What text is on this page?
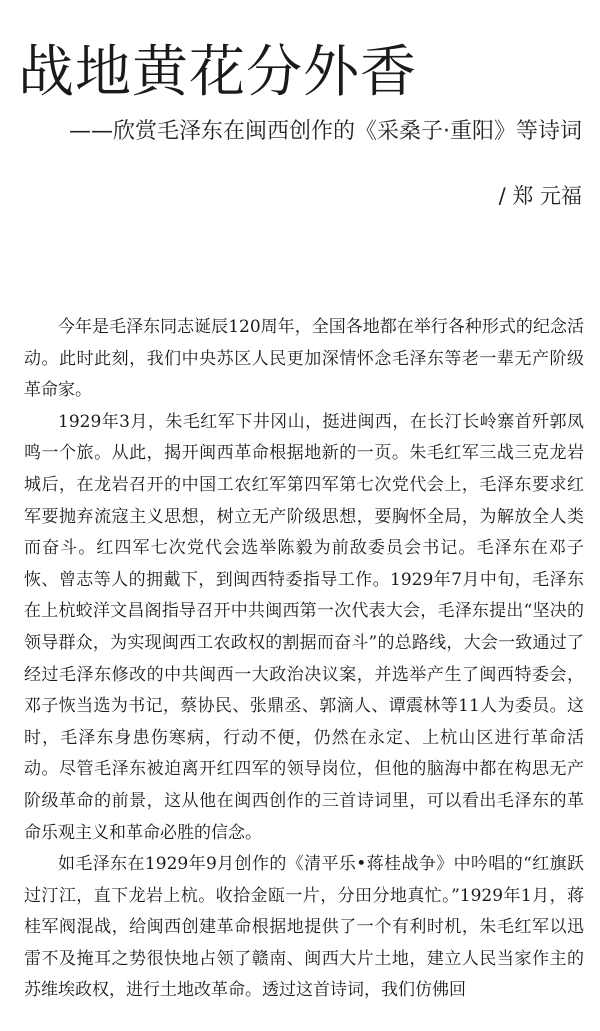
战地黄花分外香
——欣赏毛泽东在闽西创作的《采桑子·重阳》等诗词
/ 郑 元福

今年是毛泽东同志诞辰120周年，全国各地都在举行各种形式的纪念活动。此时此刻，我们中央苏区人民更加深情怀念毛泽东等老一辈无产阶级革命家。

1929年3月，朱毛红军下井冈山，挺进闽西，在长汀长岭寨首歼郭凤鸣一个旅。从此，揭开闽西革命根据地新的一页。朱毛红军三战三克龙岩城后，在龙岩召开的中国工农红军第四军第七次党代会上，毛泽东要求红军要抛弃流寇主义思想，树立无产阶级思想，要胸怀全局，为解放全人类而奋斗。红四军七次党代会选举陈毅为前敌委员会书记。毛泽东在邓子恢、曾志等人的拥戴下，到闽西特委指导工作。1929年7月中旬，毛泽东在上杭蛟洋文昌阁指导召开中共闽西第一次代表大会，毛泽东提出“坚决的领导群众，为实现闽西工农政权的割据而奋斗”的总路线，大会一致通过了经过毛泽东修改的中共闽西一大政治决议案，并选举产生了闽西特委会，邓子恢当选为书记，蔡协民、张鼎丞、郭滴人、谭震林等11人为委员。这时，毛泽东身患伤寒病，行动不便，仍然在永定、上杭山区进行革命活动。尽管毛泽东被迫离开红四军的领导岗位，但他的脑海中都在构思无产阶级革命的前景，这从他在闽西创作的三首诗词里，可以看出毛泽东的革命乐观主义和革命必胜的信念。

如毛泽东在1929年9月创作的《清平乐•蒋桂战争》中吟唱的“红旗跃过汀江，直下龙岩上杭。收拾金瓯一片，分田分地真忙。”1929年1月，蒋桂军阀混战，给闽西创建革命根据地提供了一个有利时机，朱毛红军以迅雷不及掩耳之势很快地占领了赣南、闽西大片土地，建立人民当家作主的苏维埃政权，进行土地改革命。透过这首诗词，我们仿佛回
